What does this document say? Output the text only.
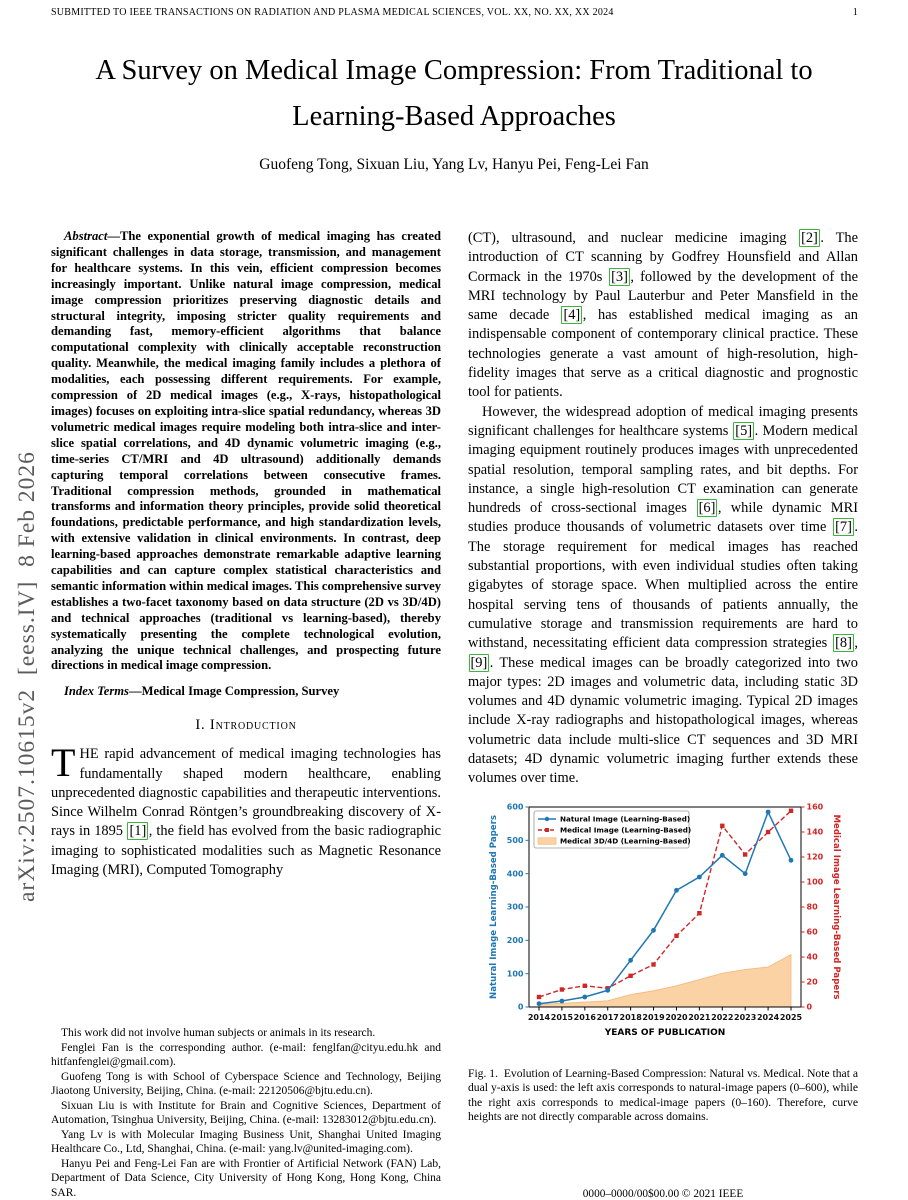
SUBMITTED TO IEEE TRANSACTIONS ON RADIATION AND PLASMA MEDICAL SCIENCES, VOL. XX, NO. XX, XX 2024	1
A Survey on Medical Image Compression: From Traditional to Learning-Based Approaches
Guofeng Tong, Sixuan Liu, Yang Lv, Hanyu Pei, Feng-Lei Fan
arXiv:2507.10615v2  [eess.IV]  8 Feb 2026

Abstract—The exponential growth of medical imaging has created significant challenges in data storage, transmission, and management for healthcare systems. In this vein, efficient compression becomes increasingly important. Unlike natural image compression, medical image compression prioritizes preserving diagnostic details and structural integrity, imposing stricter quality requirements and demanding fast, memory-efficient algorithms that balance computational complexity with clinically acceptable reconstruction quality. Meanwhile, the medical imaging family includes a plethora of modalities, each possessing different requirements. For example, compression of 2D medical images (e.g., X-rays, histopathological images) focuses on exploiting intra-slice spatial redundancy, whereas 3D volumetric medical images require modeling both intra-slice and inter-slice spatial correlations, and 4D dynamic volumetric imaging (e.g., time-series CT/MRI and 4D ultrasound) additionally demands capturing temporal correlations between consecutive frames. Traditional compression methods, grounded in mathematical transforms and information theory principles, provide solid theoretical foundations, predictable performance, and high standardization levels, with extensive validation in clinical environments. In contrast, deep learning-based approaches demonstrate remarkable adaptive learning capabilities and can capture complex statistical characteristics and semantic information within medical images. This comprehensive survey establishes a two-facet taxonomy based on data structure (2D vs 3D/4D) and technical approaches (traditional vs learning-based), thereby systematically presenting the complete technological evolution, analyzing the unique technical challenges, and prospecting future directions in medical image compression.

Index Terms—Medical Image Compression, Survey

I. Introduction

THE rapid advancement of medical imaging technologies has fundamentally shaped modern healthcare, enabling unprecedented diagnostic capabilities and therapeutic interventions. Since Wilhelm Conrad Röntgen’s groundbreaking discovery of X-rays in 1895 [1] , the field has evolved from the basic radiographic imaging to sophisticated modalities such as Magnetic Resonance Imaging (MRI), Computed Tomography

This work did not involve human subjects or animals in its research.

Fenglei Fan is the corresponding author. (e-mail: fenglfan@cityu.edu.hk and hitfanfenglei@gmail.com).

Guofeng Tong is with School of Cyberspace Science and Technology, Beijing Jiaotong University, Beijing, China. (e-mail: 22120506@bjtu.edu.cn).

Sixuan Liu is with Institute for Brain and Cognitive Sciences, Department of Automation, Tsinghua University, Beijing, China. (e-mail: 13283012@bjtu.edu.cn).

Yang Lv is with Molecular Imaging Business Unit, Shanghai United Imaging Healthcare Co., Ltd, Shanghai, China. (e-mail: yang.lv@united-imaging.com).

Hanyu Pei and Feng-Lei Fan are with Frontier of Artificial Network (FAN) Lab, Department of Data Science, City University of Hong Kong, Hong Kong, China SAR.

(CT), ultrasound, and nuclear medicine imaging [2] . The introduction of CT scanning by Godfrey Hounsfield and Allan Cormack in the 1970s [3] , followed by the development of the MRI technology by Paul Lauterbur and Peter Mansfield in the same decade [4] , has established medical imaging as an indispensable component of contemporary clinical practice. These technologies generate a vast amount of high-resolution, high-fidelity images that serve as a critical diagnostic and prognostic tool for patients.

However, the widespread adoption of medical imaging presents significant challenges for healthcare systems [5] . Modern medical imaging equipment routinely produces images with unprecedented spatial resolution, temporal sampling rates, and bit depths. For instance, a single high-resolution CT examination can generate hundreds of cross-sectional images [6] , while dynamic MRI studies produce thousands of volumetric datasets over time [7] . The storage requirement for medical images has reached substantial proportions, with even individual studies often taking gigabytes of storage space. When multiplied across the entire hospital serving tens of thousands of patients annually, the cumulative storage and transmission requirements are hard to withstand, necessitating efficient data compression strategies [8] , [9] . These medical images can be broadly categorized into two major types: 2D images and volumetric data, including static 3D volumes and 4D dynamic volumetric imaging. Typical 2D images include X-ray radiographs and histopathological images, whereas volumetric data include multi-slice CT sequences and 3D MRI datasets; 4D dynamic volumetric imaging further extends these volumes over time.

0
100
200
300
400
500
600
0
20
40
60
80
100
120
140
160
2014 2015 2016 2017 2018 2019 2020 2021 2022 2023 2024 2025
Natural Image Learning-Based Papers	Medical Image Learning-Based Papers
YEARS OF PUBLICATION
Natural Image (Learning-Based)
Medical Image (Learning-Based)
Medical 3D/4D (Learning-Based)
Fig. 1.  Evolution of Learning-Based Compression: Natural vs. Medical. Note that a dual y-axis is used: the left axis corresponds to natural-image papers (0–600), while the right axis corresponds to medical-image papers (0–160). Therefore, curve heights are not directly comparable across domains.
0000–0000/00$00.00 © 2021 IEEE
